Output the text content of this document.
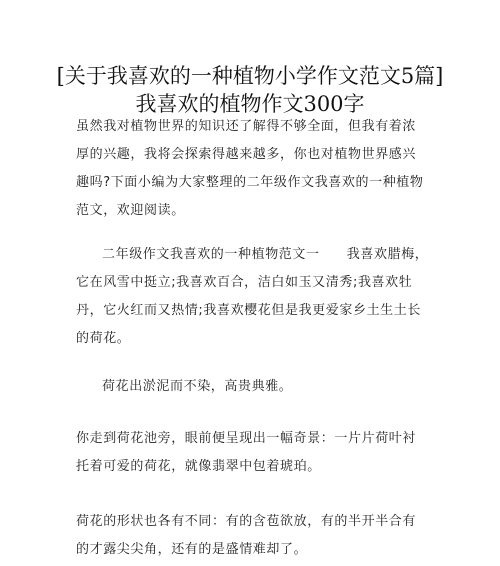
[关于我喜欢的一种植物小学作文范文5篇]
我喜欢的植物作文300字
虽然我对植物世界的知识还了解得不够全面，但我有着浓
厚的兴趣，我将会探索得越来越多，你也对植物世界感兴
趣吗?下面小编为大家整理的二年级作文我喜欢的一种植物
范文，欢迎阅读。
二年级作文我喜欢的一种植物范文一　　我喜欢腊梅，
它在风雪中挺立;我喜欢百合，洁白如玉又清秀;我喜欢牡
丹，它火红而又热情;我喜欢樱花但是我更爱家乡土生土长
的荷花。
荷花出淤泥而不染，高贵典雅。
你走到荷花池旁，眼前便呈现出一幅奇景：一片片荷叶衬
托着可爱的荷花，就像翡翠中包着琥珀。
荷花的形状也各有不同：有的含苞欲放，有的半开半合有
的才露尖尖角，还有的是盛情难却了。
